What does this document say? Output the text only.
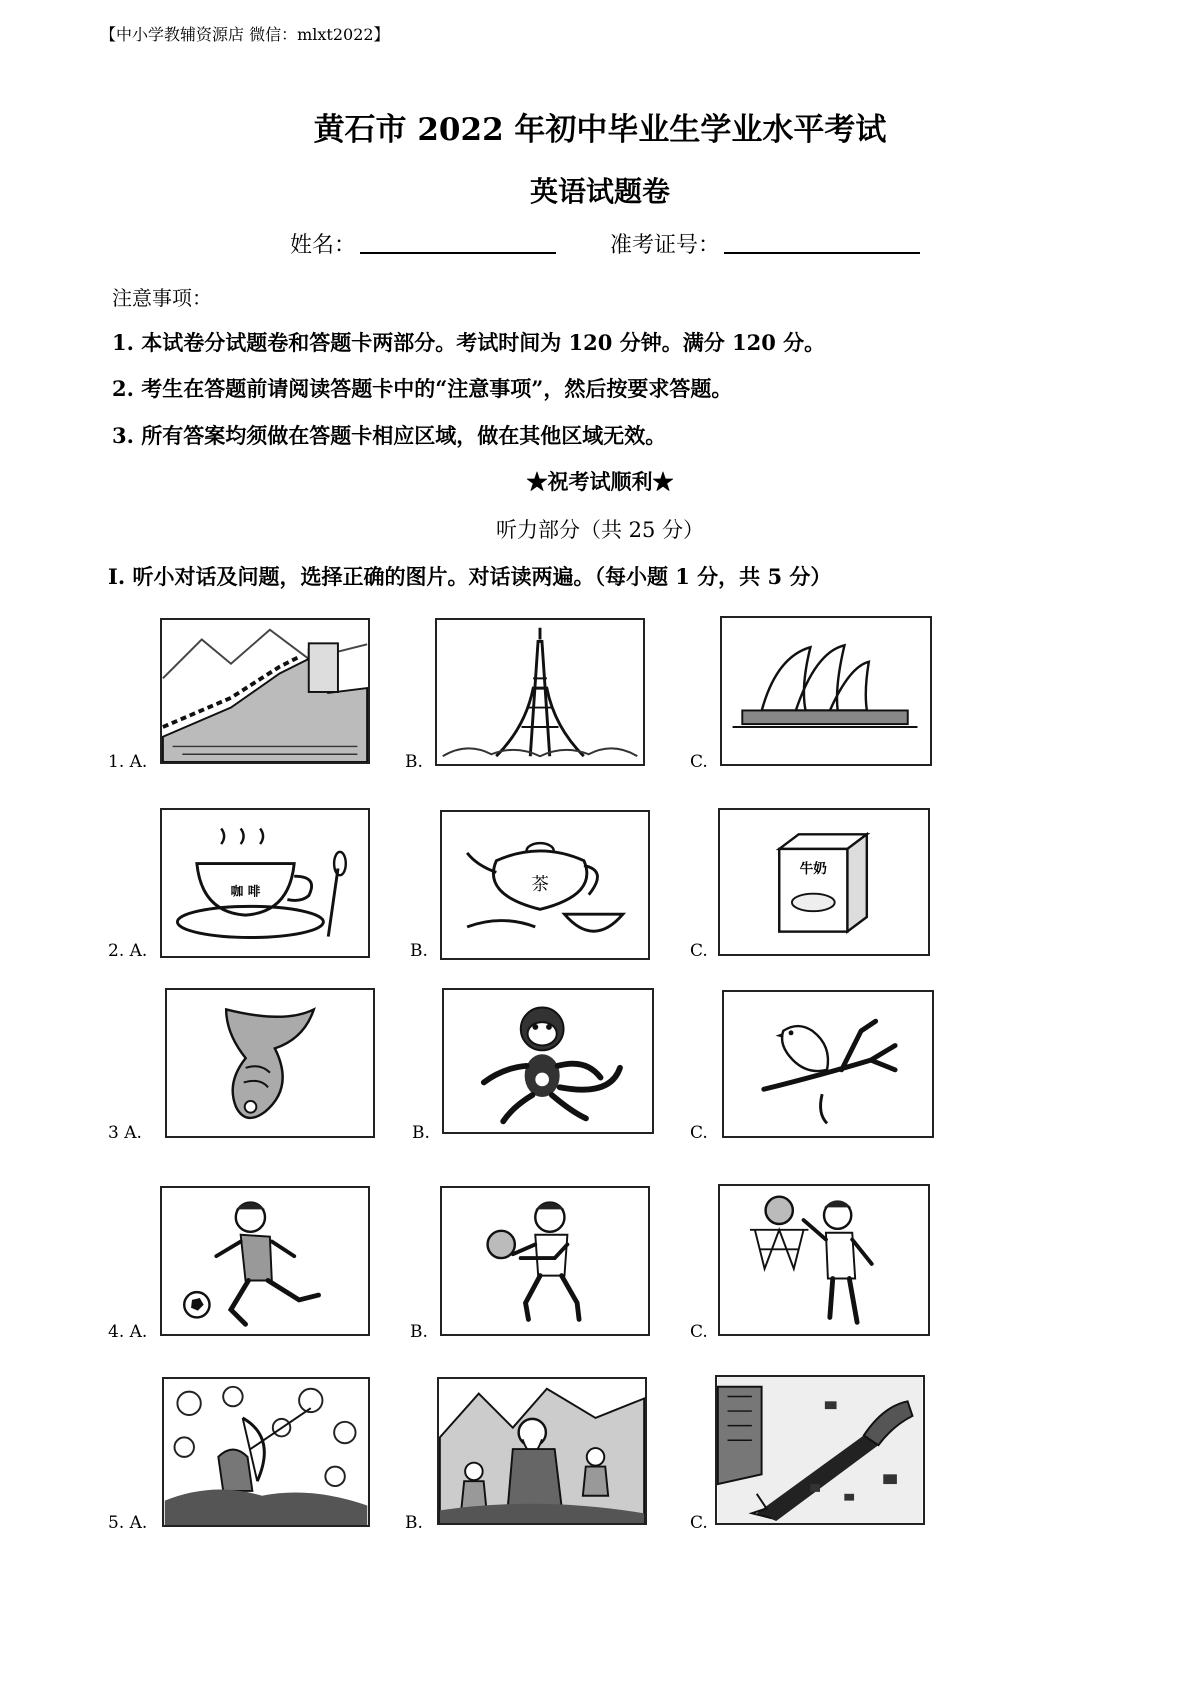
【中小学教辅资源店 微信：mlxt2022】
黄石市 2022 年初中毕业生学业水平考试
英语试题卷
姓名：	准考证号：
注意事项：
1. 本试卷分试题卷和答题卡两部分。考试时间为 120 分钟。满分 120 分。
2. 考生在答题前请阅读答题卡中的“注意事项”，然后按要求答题。
3. 所有答案均须做在答题卡相应区域，做在其他区域无效。
★祝考试顺利★
听力部分（共 25 分）
Ⅰ. 听小对话及问题，选择正确的图片。对话读两遍。（每小题 1 分，共 5 分）
1. A.	B.	C.
2. A.
咖 啡
B.
茶
C.
牛奶
3 A.	B.	C.
4. A.	B.	C.
5. A.	B.	C.
